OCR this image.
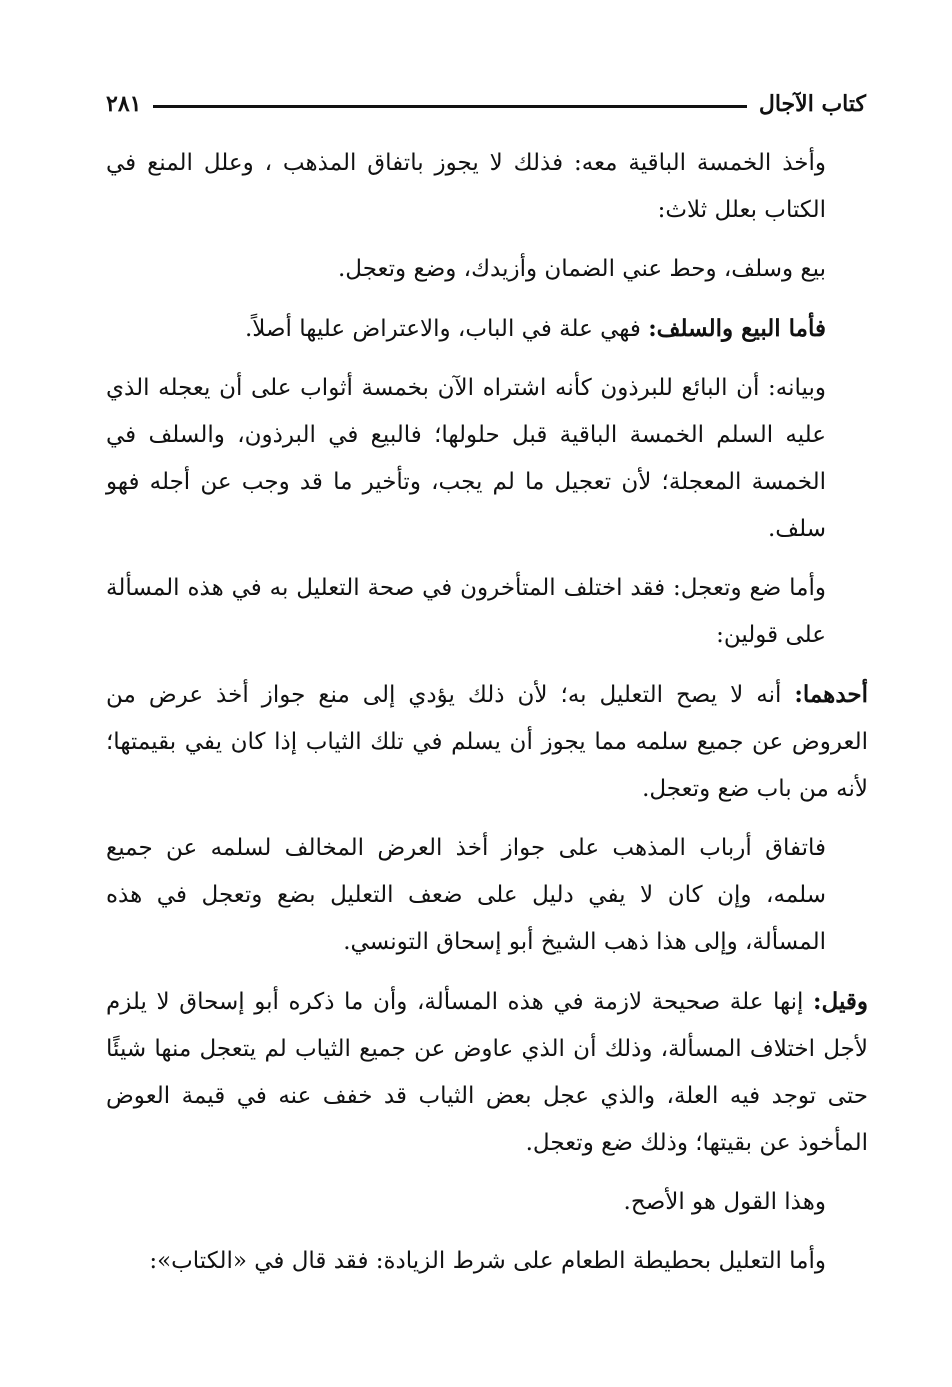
كتاب الآجال
٢٨١

وأخذ الخمسة الباقية معه: فذلك لا يجوز باتفاق المذهب ، وعلل المنع في الكتاب بعلل ثلاث:

بيع وسلف، وحط عني الضمان وأزيدك، وضع وتعجل.

فأما البيع والسلف: فهي علة في الباب، والاعتراض عليها أصلاً.

وبيانه: أن البائع للبرذون كأنه اشتراه الآن بخمسة أثواب على أن يعجله الذي عليه السلم الخمسة الباقية قبل حلولها؛ فالبيع في البرذون، والسلف في الخمسة المعجلة؛ لأن تعجيل ما لم يجب، وتأخير ما قد وجب عن أجله فهو سلف.

وأما ضع وتعجل: فقد اختلف المتأخرون في صحة التعليل به في هذه المسألة على قولين:

أحدهما: أنه لا يصح التعليل به؛ لأن ذلك يؤدي إلى منع جواز أخذ عرض من العروض عن جميع سلمه مما يجوز أن يسلم في تلك الثياب إذا كان يفي بقيمتها؛ لأنه من باب ضع وتعجل.

فاتفاق أرباب المذهب على جواز أخذ العرض المخالف لسلمه عن جميع سلمه، وإن كان لا يفي دليل على ضعف التعليل بضع وتعجل في هذه المسألة، وإلى هذا ذهب الشيخ أبو إسحاق التونسي.

وقيل: إنها علة صحيحة لازمة في هذه المسألة، وأن ما ذكره أبو إسحاق لا يلزم لأجل اختلاف المسألة، وذلك أن الذي عاوض عن جميع الثياب لم يتعجل منها شيئًا حتى توجد فيه العلة، والذي عجل بعض الثياب قد خفف عنه في قيمة العوض المأخوذ عن بقيتها؛ وذلك ضع وتعجل.

وهذا القول هو الأصح.

وأما التعليل بحطيطة الطعام على شرط الزيادة: فقد قال في «الكتاب»:
